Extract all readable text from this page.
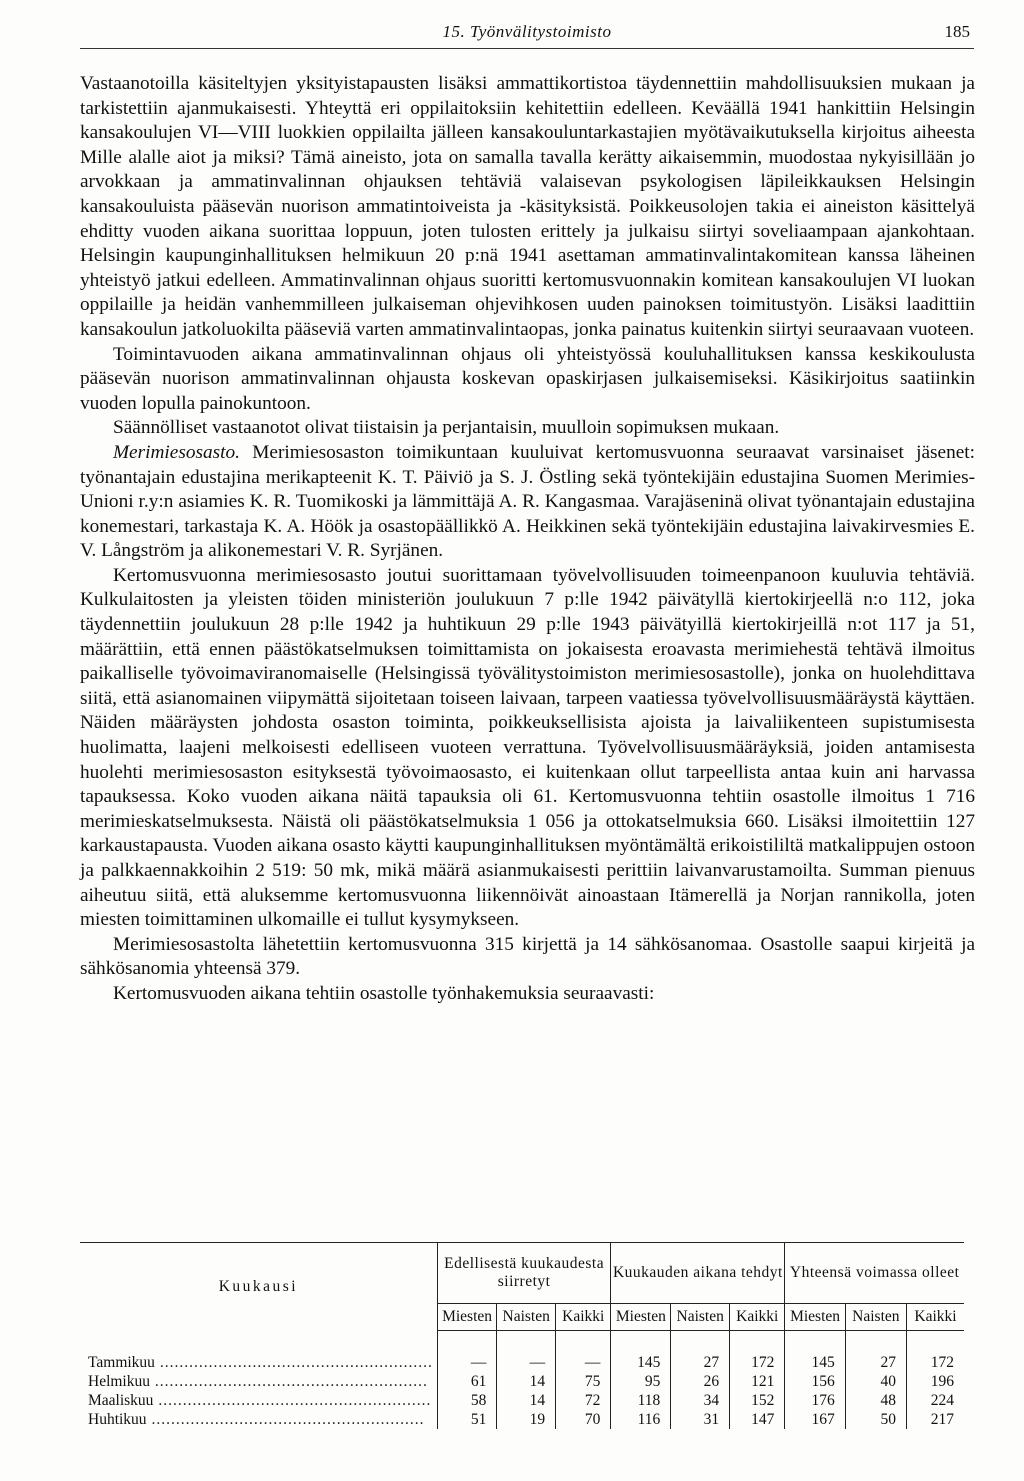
15. Työnvälitystoimisto	185

Vastaanotoilla käsiteltyjen yksityistapausten lisäksi ammattikortistoa täydennettiin mahdollisuuksien mukaan ja tarkistettiin ajanmukaisesti. Yhteyttä eri oppilaitoksiin kehitettiin edelleen. Keväällä 1941 hankittiin Helsingin kansakoulujen VI—VIII luokkien oppilailta jälleen kansakouluntarkastajien myötävaikutuksella kirjoitus aiheesta Mille alalle aiot ja miksi? Tämä aineisto, jota on samalla tavalla kerätty aikaisemmin, muodostaa nykyisillään jo arvokkaan ja ammatinvalinnan ohjauksen tehtäviä valaisevan psykologisen läpileikkauksen Helsingin kansakouluista pääsevän nuorison ammatintoiveista ja -käsityksistä. Poikkeusolojen takia ei aineiston käsittelyä ehditty vuoden aikana suorittaa loppuun, joten tulosten erittely ja julkaisu siirtyi soveliaampaan ajankohtaan. Helsingin kaupunginhallituksen helmikuun 20 p:nä 1941 asettaman ammatinvalintakomitean kanssa läheinen yhteistyö jatkui edelleen. Ammatinvalinnan ohjaus suoritti kertomusvuonnakin komitean kansakoulujen VI luokan oppilaille ja heidän vanhemmilleen julkaiseman ohjevihkosen uuden painoksen toimitustyön. Lisäksi laadittiin kansakoulun jatkoluokilta pääseviä varten ammatinvalintaopas, jonka painatus kuitenkin siirtyi seuraavaan vuoteen.

Toimintavuoden aikana ammatinvalinnan ohjaus oli yhteistyössä kouluhallituksen kanssa keskikoulusta pääsevän nuorison ammatinvalinnan ohjausta koskevan opaskirjasen julkaisemiseksi. Käsikirjoitus saatiinkin vuoden lopulla painokuntoon.

Säännölliset vastaanotot olivat tiistaisin ja perjantaisin, muulloin sopimuksen mukaan.

Merimiesosasto. Merimiesosaston toimikuntaan kuuluivat kertomusvuonna seuraavat varsinaiset jäsenet: työnantajain edustajina merikapteenit K. T. Päiviö ja S. J. Östling sekä työntekijäin edustajina Suomen Merimies-Unioni r.y:n asiamies K. R. Tuomikoski ja lämmittäjä A. R. Kangasmaa. Varajäseninä olivat työnantajain edustajina konemestari, tarkastaja K. A. Höök ja osastopäällikkö A. Heikkinen sekä työntekijäin edustajina laivakirvesmies E. V. Långström ja alikonemestari V. R. Syrjänen.

Kertomusvuonna merimiesosasto joutui suorittamaan työvelvollisuuden toimeenpanoon kuuluvia tehtäviä. Kulkulaitosten ja yleisten töiden ministeriön joulukuun 7 p:lle 1942 päivätyllä kiertokirjeellä n:o 112, joka täydennettiin joulukuun 28 p:lle 1942 ja huhtikuun 29 p:lle 1943 päivätyillä kiertokirjeillä n:ot 117 ja 51, määrättiin, että ennen päästökatselmuksen toimittamista on jokaisesta eroavasta merimiehestä tehtävä ilmoitus paikalliselle työvoimaviranomaiselle (Helsingissä työvälitystoimiston merimiesosastolle), jonka on huolehdittava siitä, että asianomainen viipymättä sijoitetaan toiseen laivaan, tarpeen vaatiessa työvelvollisuusmääräystä käyttäen. Näiden määräysten johdosta osaston toiminta, poikkeuksellisista ajoista ja laivaliikenteen supistumisesta huolimatta, laajeni melkoisesti edelliseen vuoteen verrattuna. Työvelvollisuusmääräyksiä, joiden antamisesta huolehti merimiesosaston esityksestä työvoimaosasto, ei kuitenkaan ollut tarpeellista antaa kuin ani harvassa tapauksessa. Koko vuoden aikana näitä tapauksia oli 61. Kertomusvuonna tehtiin osastolle ilmoitus 1 716 merimieskatselmuksesta. Näistä oli päästökatselmuksia 1 056 ja ottokatselmuksia 660. Lisäksi ilmoitettiin 127 karkaustapausta. Vuoden aikana osasto käytti kaupunginhallituksen myöntämältä erikoistililtä matkalippujen ostoon ja palkkaennakkoihin 2 519: 50 mk, mikä määrä asianmukaisesti perittiin laivanvarustamoilta. Summan pienuus aiheutuu siitä, että aluksemme kertomusvuonna liikennöivät ainoastaan Itämerellä ja Norjan rannikolla, joten miesten toimittaminen ulkomaille ei tullut kysymykseen.

Merimiesosastolta lähetettiin kertomusvuonna 315 kirjettä ja 14 sähkösanomaa. Osastolle saapui kirjeitä ja sähkösanomia yhteensä 379.

Kertomusvuoden aikana tehtiin osastolle työnhakemuksia seuraavasti:

Kuukausi	Edellisestä kuukaudesta siirretyt			Kuukauden aikana tehdyt			Yhteensä voimassa olleet		
	Miesten	Naisten	Kaikki	Miesten	Naisten	Kaikki	Miesten	Naisten	Kaikki

Tammikuu .....	—	—	—	145	27	172	145	27	172
Helmikuu .....	61	14	75	95	26	121	156	40	196
Maaliskuu .....	58	14	72	118	34	152	176	48	224
Huhtikuu .....	51	19	70	116	31	147	167	50	217
